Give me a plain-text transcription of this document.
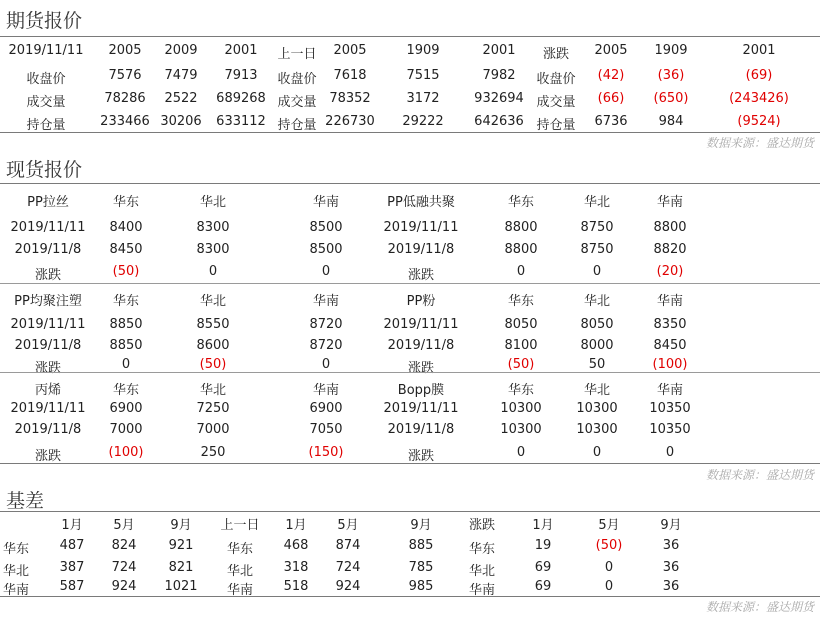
期货报价
2019/11/11 2005 2009 2001 上一日 2005	1909	2001 涨跌 2005 1909	2001
收盘价	7576 7479 7913 收盘价 7618	7515	7982 收盘价 (42)	(36)	(69)
成交量	78286 2522 689268 成交量 78352	3172	932694 成交量 (66) (650)	(243426)
持仓量	233466 30206 633112 持仓量 226730 29222 642636 持仓量 6736 984	(9524)
数据来源：盛达期货
现货报价
PP拉丝	华东	华北	华南	PP低融共聚	华东	华北	华南
2019/11/11 8400	8300	8500	2019/11/11	8800	8750	8800
2019/11/8 8450	8300	8500	2019/11/8	8800	8750	8820
涨跌	(50)	0	0	涨跌	0	0	(20)
PP均聚注塑 华东	华北	华南	PP粉	华东	华北	华南
2019/11/11 8850	8550	8720	2019/11/11	8050	8050	8350
2019/11/8 8850	8600	8720	2019/11/8	8100	8000	8450
涨跌	0	(50)	0	涨跌	(50)	50	(100)
丙烯	华东	华北	华南	Bopp膜	华东	华北	华南
2019/11/11 6900	7250	6900	2019/11/11	10300	10300 10350
2019/11/8 7000	7000	7050	2019/11/8	10300	10300 10350
涨跌	(100)	250	(150)	涨跌	0	0	0
数据来源：盛达期货
基差
1月 5月	9月 上一日 1月 5月	9月	涨跌	1月	5月	9月
华东 487 824 921	华东 468 874	885	华东	19	(50)	36
华北 387 724 821	华北 318 724	785	华北	69	0	36
华南 587 924 1021 华南 518 924	985	华南	69	0	36
数据来源：盛达期货
